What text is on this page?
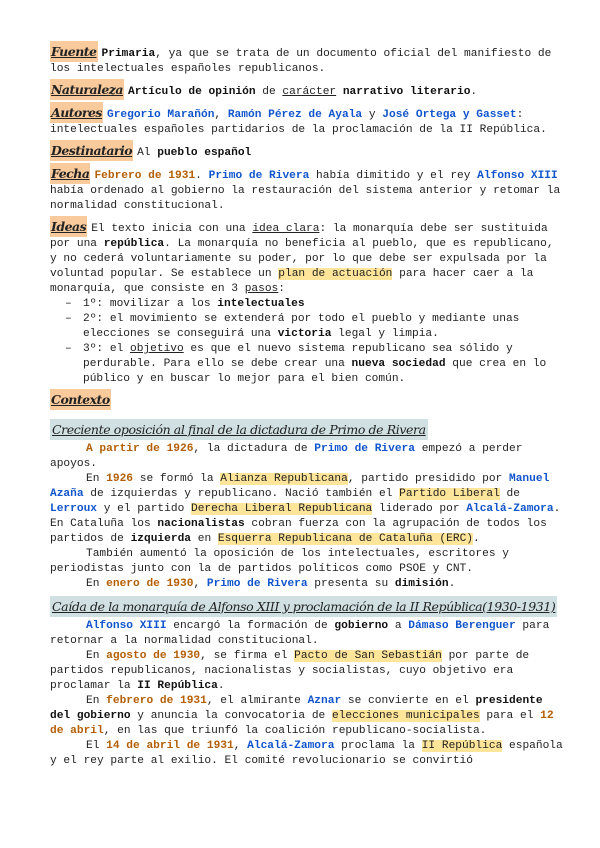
Fuente Primaria, ya que se trata de un documento oficial del manifiesto de los intelectuales españoles republicanos.
Naturaleza Artículo de opinión de carácter narrativo literario.
Autores Gregorio Marañón, Ramón Pérez de Ayala y José Ortega y Gasset: intelectuales españoles partidarios de la proclamación de la II República.
Destinatario Al pueblo español
Fecha Febrero de 1931. Primo de Rivera había dimitido y el rey Alfonso XIII había ordenado al gobierno la restauración del sistema anterior y retomar la normalidad constitucional.
Ideas El texto inicia con una idea clara: la monarquía debe ser sustituida por una república. La monarquía no beneficia al pueblo, que es republicano, y no cederá voluntariamente su poder, por lo que debe ser expulsada por la voluntad popular. Se establece un plan de actuación para hacer caer a la monarquía, que consiste en 3 pasos:
– 1º: movilizar a los intelectuales
– 2º: el movimiento se extenderá por todo el pueblo y mediante unas elecciones se conseguirá una victoria legal y limpia.
– 3º: el objetivo es que el nuevo sistema republicano sea sólido y perdurable. Para ello se debe crear una nueva sociedad que crea en lo público y en buscar lo mejor para el bien común.
Contexto
Creciente oposición al final de la dictadura de Primo de Rivera

A partir de 1926, la dictadura de Primo de Rivera empezó a perder apoyos.

En 1926 se formó la Alianza Republicana, partido presidido por Manuel Azaña de izquierdas y republicano. Nació también el Partido Liberal de Lerroux y el partido Derecha Liberal Republicana liderado por Alcalá-Zamora. En Cataluña los nacionalistas cobran fuerza con la agrupación de todos los partidos de izquierda en Esquerra Republicana de Cataluña (ERC).

También aumentó la oposición de los intelectuales, escritores y periodistas junto con la de partidos políticos como PSOE y CNT.

En enero de 1930, Primo de Rivera presenta su dimisión.

Caída de la monarquía de Alfonso XIII y proclamación de la II República(1930-1931)

Alfonso XIII encargó la formación de gobierno a Dámaso Berenguer para retornar a la normalidad constitucional.

En agosto de 1930, se firma el Pacto de San Sebastián por parte de partidos republicanos, nacionalistas y socialistas, cuyo objetivo era proclamar la II República.

En febrero de 1931, el almirante Aznar se convierte en el presidente del gobierno y anuncia la convocatoria de elecciones municipales para el 12 de abril, en las que triunfó la coalición republicano-socialista.

El 14 de abril de 1931, Alcalá-Zamora proclama la II República española y el rey parte al exilio. El comité revolucionario se convirtió
